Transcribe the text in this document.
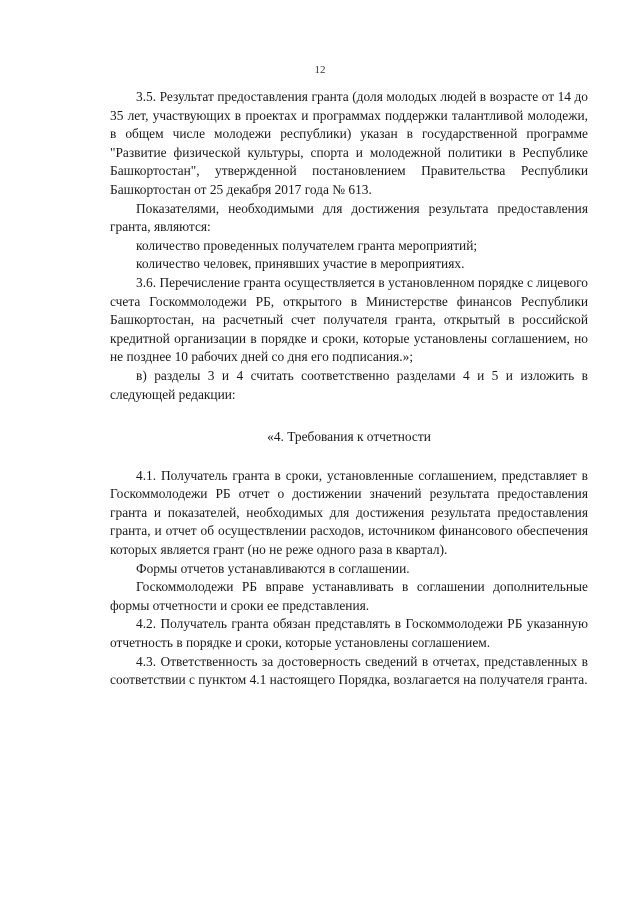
12

3.5. Результат предоставления гранта (доля молодых людей в возрасте от 14 до 35 лет, участвующих в проектах и программах поддержки талантливой молодежи, в общем числе молодежи республики) указан в государственной программе "Развитие физической культуры, спорта и молодежной политики в Республике Башкортостан", утвержденной постановлением Правительства Республики Башкортостан от 25 декабря 2017 года № 613.

Показателями, необходимыми для достижения результата предоставления гранта, являются:

количество проведенных получателем гранта мероприятий;

количество человек, принявших участие в мероприятиях.

3.6. Перечисление гранта осуществляется в установленном порядке с лицевого счета Госкоммолодежи РБ, открытого в Министерстве финансов Республики Башкортостан, на расчетный счет получателя гранта, открытый в российской кредитной организации в порядке и сроки, которые установлены соглашением, но не позднее 10 рабочих дней со дня его подписания.»;

в) разделы 3 и 4 считать соответственно разделами 4 и 5 и изложить в следующей редакции:

«4. Требования к отчетности

4.1. Получатель гранта в сроки, установленные соглашением, представляет в Госкоммолодежи РБ отчет о достижении значений результата предоставления гранта и показателей, необходимых для достижения результата предоставления гранта, и отчет об осуществлении расходов, источником финансового обеспечения которых является грант (но не реже одного раза в квартал).

Формы отчетов устанавливаются в соглашении.

Госкоммолодежи РБ вправе устанавливать в соглашении дополнительные формы отчетности и сроки ее представления.

4.2. Получатель гранта обязан представлять в Госкоммолодежи РБ указанную отчетность в порядке и сроки, которые установлены соглашением.

4.3. Ответственность за достоверность сведений в отчетах, представленных в соответствии с пунктом 4.1 настоящего Порядка, возлагается на получателя гранта.
